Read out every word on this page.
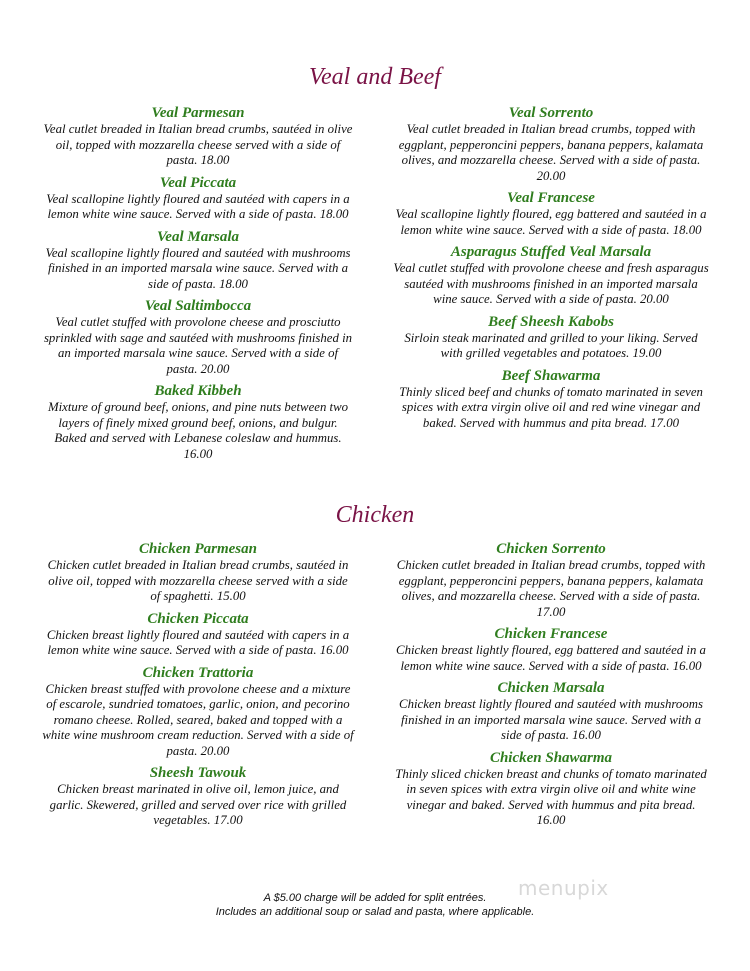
Veal and Beef

Veal Parmesan

Veal cutlet breaded in Italian bread crumbs, sautéed in olive oil, topped with mozzarella cheese served with a side of pasta. 18.00

Veal Piccata

Veal scallopine lightly floured and sautéed with capers in a lemon white wine sauce. Served with a side of pasta. 18.00

Veal Marsala

Veal scallopine lightly floured and sautéed with mushrooms finished in an imported marsala wine sauce. Served with a side of pasta. 18.00

Veal Saltimbocca

Veal cutlet stuffed with provolone cheese and prosciutto sprinkled with sage and sautéed with mushrooms finished in an imported marsala wine sauce. Served with a side of pasta. 20.00

Baked Kibbeh

Mixture of ground beef, onions, and pine nuts between two layers of finely mixed ground beef, onions, and bulgur. Baked and served with Lebanese coleslaw and hummus. 16.00

Veal Sorrento

Veal cutlet breaded in Italian bread crumbs, topped with eggplant, pepperoncini peppers, banana peppers, kalamata olives, and mozzarella cheese. Served with a side of pasta. 20.00

Veal Francese

Veal scallopine lightly floured, egg battered and sautéed in a lemon white wine sauce. Served with a side of pasta. 18.00

Asparagus Stuffed Veal Marsala

Veal cutlet stuffed with provolone cheese and fresh asparagus sautéed with mushrooms finished in an imported marsala wine sauce. Served with a side of pasta. 20.00

Beef Sheesh Kabobs

Sirloin steak marinated and grilled to your liking. Served with grilled vegetables and potatoes. 19.00

Beef Shawarma

Thinly sliced beef and chunks of tomato marinated in seven spices with extra virgin olive oil and red wine vinegar and baked. Served with hummus and pita bread. 17.00

Chicken

Chicken Parmesan

Chicken cutlet breaded in Italian bread crumbs, sautéed in olive oil, topped with mozzarella cheese served with a side of spaghetti. 15.00

Chicken Piccata

Chicken breast lightly floured and sautéed with capers in a lemon white wine sauce. Served with a side of pasta. 16.00

Chicken Trattoria

Chicken breast stuffed with provolone cheese and a mixture of escarole, sundried tomatoes, garlic, onion, and pecorino romano cheese. Rolled, seared, baked and topped with a white wine mushroom cream reduction. Served with a side of pasta. 20.00

Sheesh Tawouk

Chicken breast marinated in olive oil, lemon juice, and garlic. Skewered, grilled and served over rice with grilled vegetables. 17.00

Chicken Sorrento

Chicken cutlet breaded in Italian bread crumbs, topped with eggplant, pepperoncini peppers, banana peppers, kalamata olives, and mozzarella cheese. Served with a side of pasta. 17.00

Chicken Francese

Chicken breast lightly floured, egg battered and sautéed in a lemon white wine sauce. Served with a side of pasta. 16.00

Chicken Marsala

Chicken breast lightly floured and sautéed with mushrooms finished in an imported marsala wine sauce. Served with a side of pasta. 16.00

Chicken Shawarma

Thinly sliced chicken breast and chunks of tomato marinated in seven spices with extra virgin olive oil and white wine vinegar and baked. Served with hummus and pita bread. 16.00

menupix
A $5.00 charge will be added for split entrées.
Includes an additional soup or salad and pasta, where applicable.
